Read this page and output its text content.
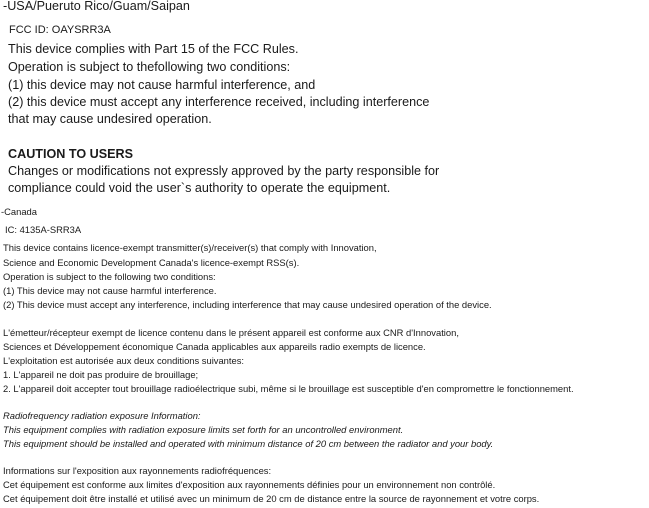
-USA/Pueruto Rico/Guam/Saipan
FCC ID: OAYSRR3A
This device complies with Part 15 of the FCC Rules.
Operation is subject to thefollowing two conditions:
(1) this device may not cause harmful interference, and
(2) this device must accept any interference received, including interference
that may cause undesired operation.
CAUTION TO USERS
Changes or modifications not expressly approved by the party responsible for
compliance could void the user`s authority to operate the equipment.
-Canada
IC: 4135A-SRR3A
This device contains licence-exempt transmitter(s)/receiver(s) that comply with Innovation,
Science and Economic Development Canada's licence-exempt RSS(s).
Operation is subject to the following two conditions:
(1) This device may not cause harmful interference.
(2) This device must accept any interference, including interference that may cause undesired operation of the device.
L'émetteur/récepteur exempt de licence contenu dans le présent appareil est conforme aux CNR d'Innovation,
Sciences et Développement économique Canada applicables aux appareils radio exempts de licence.
L'exploitation est autorisée aux deux conditions suivantes:
1. L'appareil ne doit pas produire de brouillage;
2. L'appareil doit accepter tout brouillage radioélectrique subi, même si le brouillage est susceptible d'en compromettre le fonctionnement.
Radiofrequency radiation exposure Information:
This equipment complies with radiation exposure limits set forth for an uncontrolled environment.
This equipment should be installed and operated with minimum distance of 20 cm between the radiator and your body.
Informations sur l'exposition aux rayonnements radiofréquences:
Cet équipement est conforme aux limites d'exposition aux rayonnements définies pour un environnement non contrôlé.
Cet équipement doit être installé et utilisé avec un minimum de 20 cm de distance entre la source de rayonnement et votre corps.
